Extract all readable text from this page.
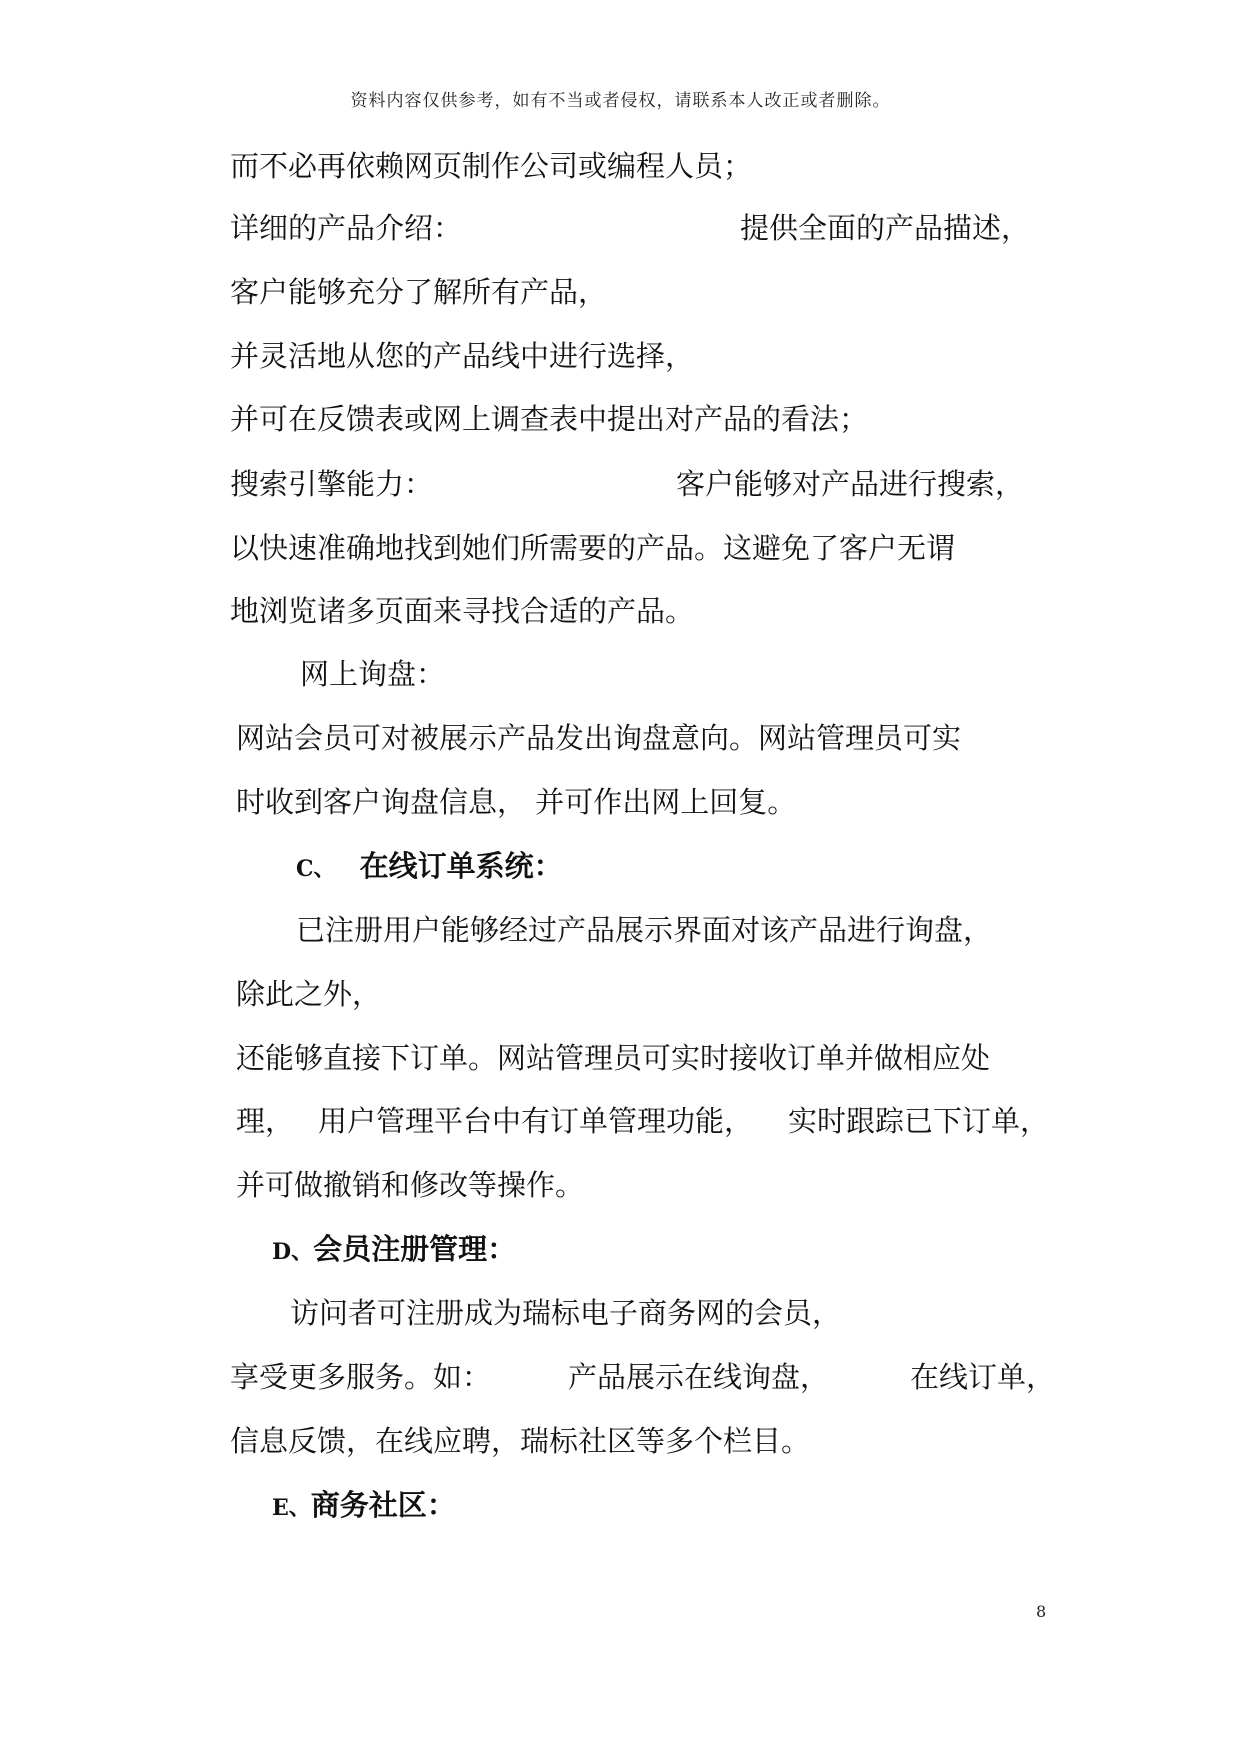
资料内容仅供参考，如有不当或者侵权，请联系本人改正或者删除。
而不必再依赖网页制作公司或编程人员；
详细的产品介绍：	提供全面的产品描述，
客户能够充分了解所有产品，
并灵活地从您的产品线中进行选择，
并可在反馈表或网上调查表中提出对产品的看法；
搜索引擎能力：	客户能够对产品进行搜索，
以快速准确地找到她们所需要的产品。这避免了客户无谓
地浏览诸多页面来寻找合适的产品。
网上询盘：
网站会员可对被展示产品发出询盘意向。网站管理员可实
时收到客户询盘信息， 并可作出网上回复。
C、 在线订单系统：
已注册用户能够经过产品展示界面对该产品进行询盘，
除此之外，
还能够直接下订单。网站管理员可实时接收订单并做相应处
理， 用户管理平台中有订单管理功能， 实时跟踪已下订单，
并可做撤销和修改等操作。
D、会员注册管理：
访问者可注册成为瑞标电子商务网的会员，
享受更多服务。如：	产品展示在线询盘，	在线订单，
信息反馈，在线应聘，瑞标社区等多个栏目。
E、商务社区：
8
